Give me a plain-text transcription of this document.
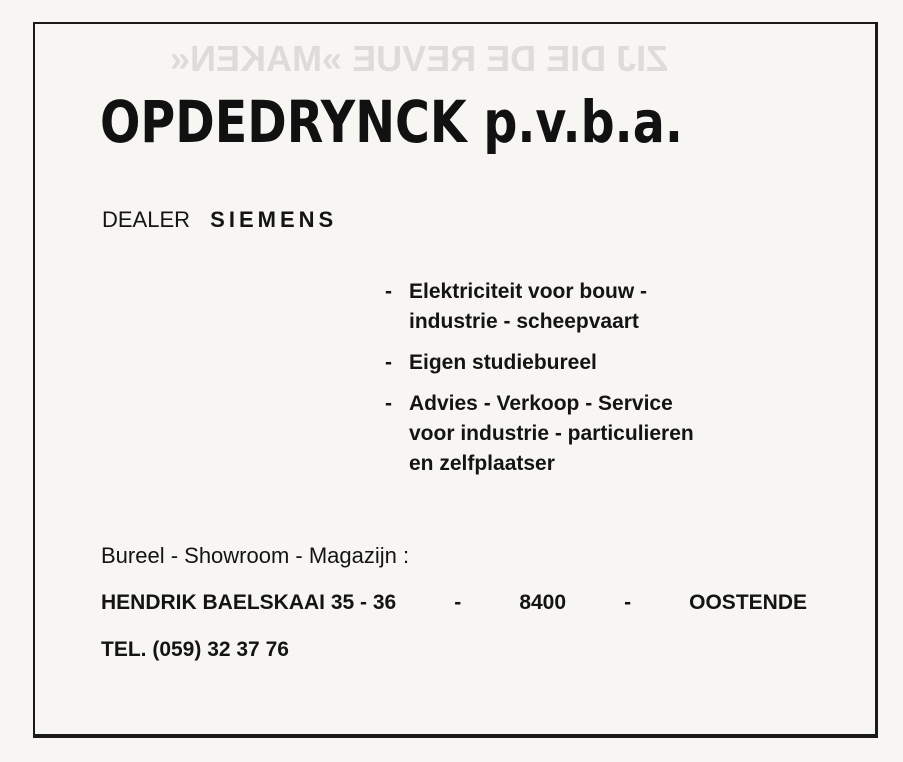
ZIJ DIE DE REVUE »MAKEN«
OPDEDRYNCK p.v.b.a.
DEALER SIEMENS
- Elektriciteit voor bouw -
industrie - scheepvaart
- Eigen studiebureel
- Advies - Verkoop - Service
voor industrie - particulieren
en zelfplaatser
Bureel - Showroom - Magazijn :
HENDRIK BAELSKAAI 35 - 36	-	8400	-	OOSTENDE
TEL. (059) 32 37 76
